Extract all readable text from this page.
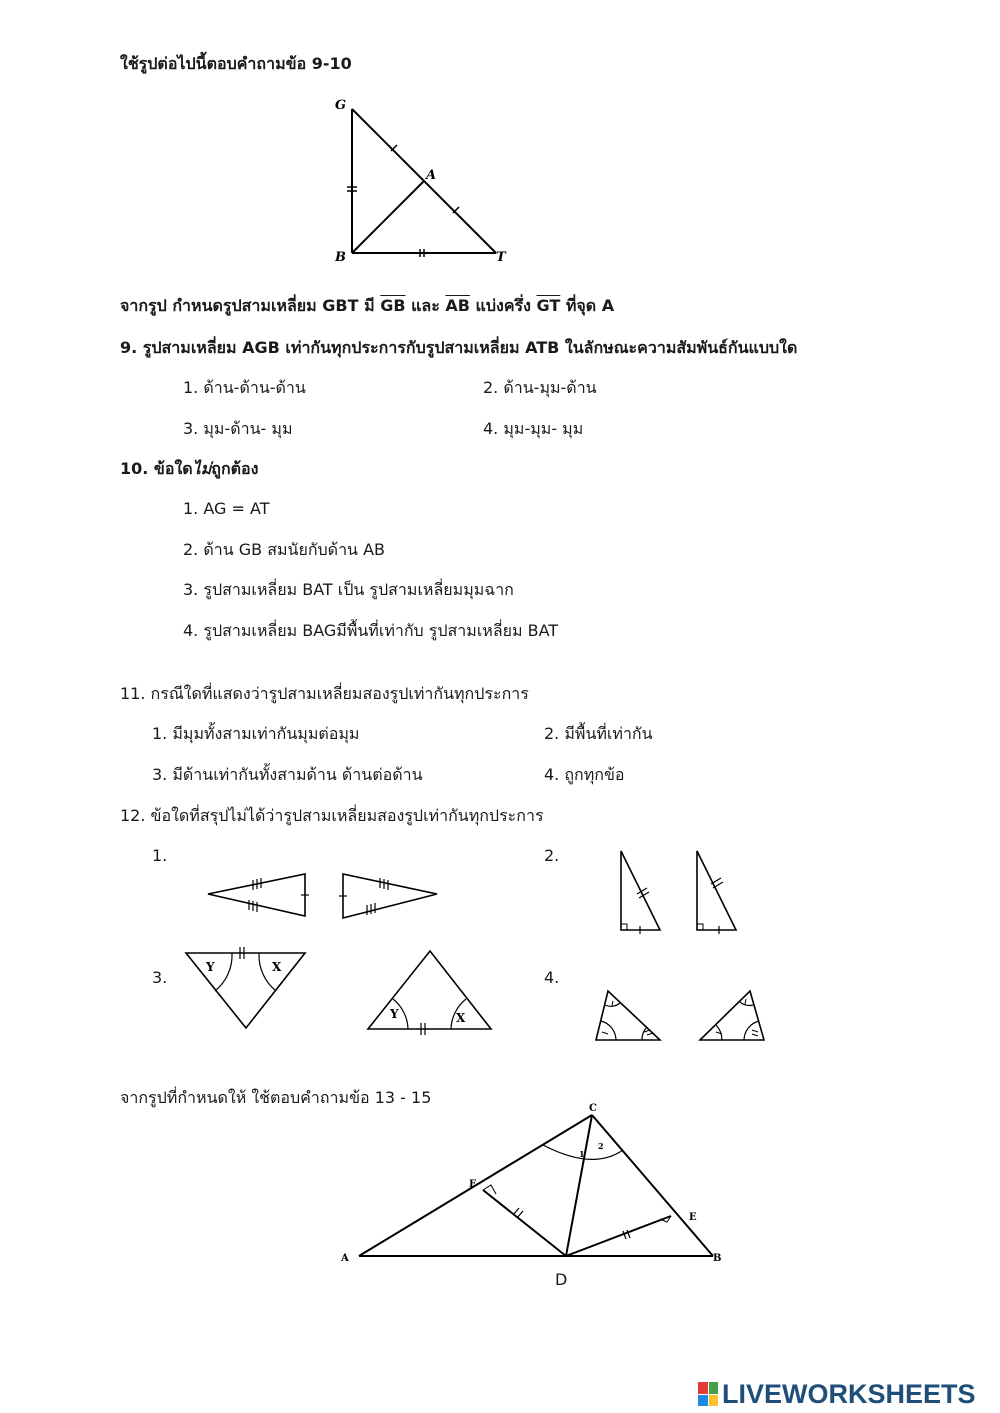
ใช้รูปต่อไปนี้ตอบคำถามข้อ 9-10
G
A
B	T
จากรูป กำหนดรูปสามเหลี่ยม GBT มี $\overline{GB}$ และ $\overline{AB}$ แบ่งครึ่ง $\overline{GT}$ ที่จุด A
9. รูปสามเหลี่ยม AGB เท่ากันทุกประการกับรูปสามเหลี่ยม ATB ในลักษณะความสัมพันธ์กันแบบใด
1. ด้าน-ด้าน-ด้าน	2. ด้าน-มุม-ด้าน
3. มุม-ด้าน- มุม	4. มุม-มุม- มุม
10. ข้อใดไม่ถูกต้อง
1. AG = AT
2. ด้าน GB สมนัยกับด้าน AB
3. รูปสามเหลี่ยม BAT เป็น รูปสามเหลี่ยมมุมฉาก
4. รูปสามเหลี่ยม BAGมีพื้นที่เท่ากับ รูปสามเหลี่ยม BAT
11. กรณีใดที่แสดงว่ารูปสามเหลี่ยมสองรูปเท่ากันทุกประการ
1. มีมุมทั้งสามเท่ากันมุมต่อมุม	2. มีพื้นที่เท่ากัน
3. มีด้านเท่ากันทั้งสามด้าน ด้านต่อด้าน	4. ถูกทุกข้อ
12. ข้อใดที่สรุปไม่ได้ว่ารูปสามเหลี่ยมสองรูปเท่ากันทุกประการ
1.	2.
3.	4.
Y	X
Y	X
จากรูปที่กำหนดให้ ใช้ตอบคำถามข้อ 13 - 15
C
F
E
A	B
1
2
D
LIVEWORKSHEETS
